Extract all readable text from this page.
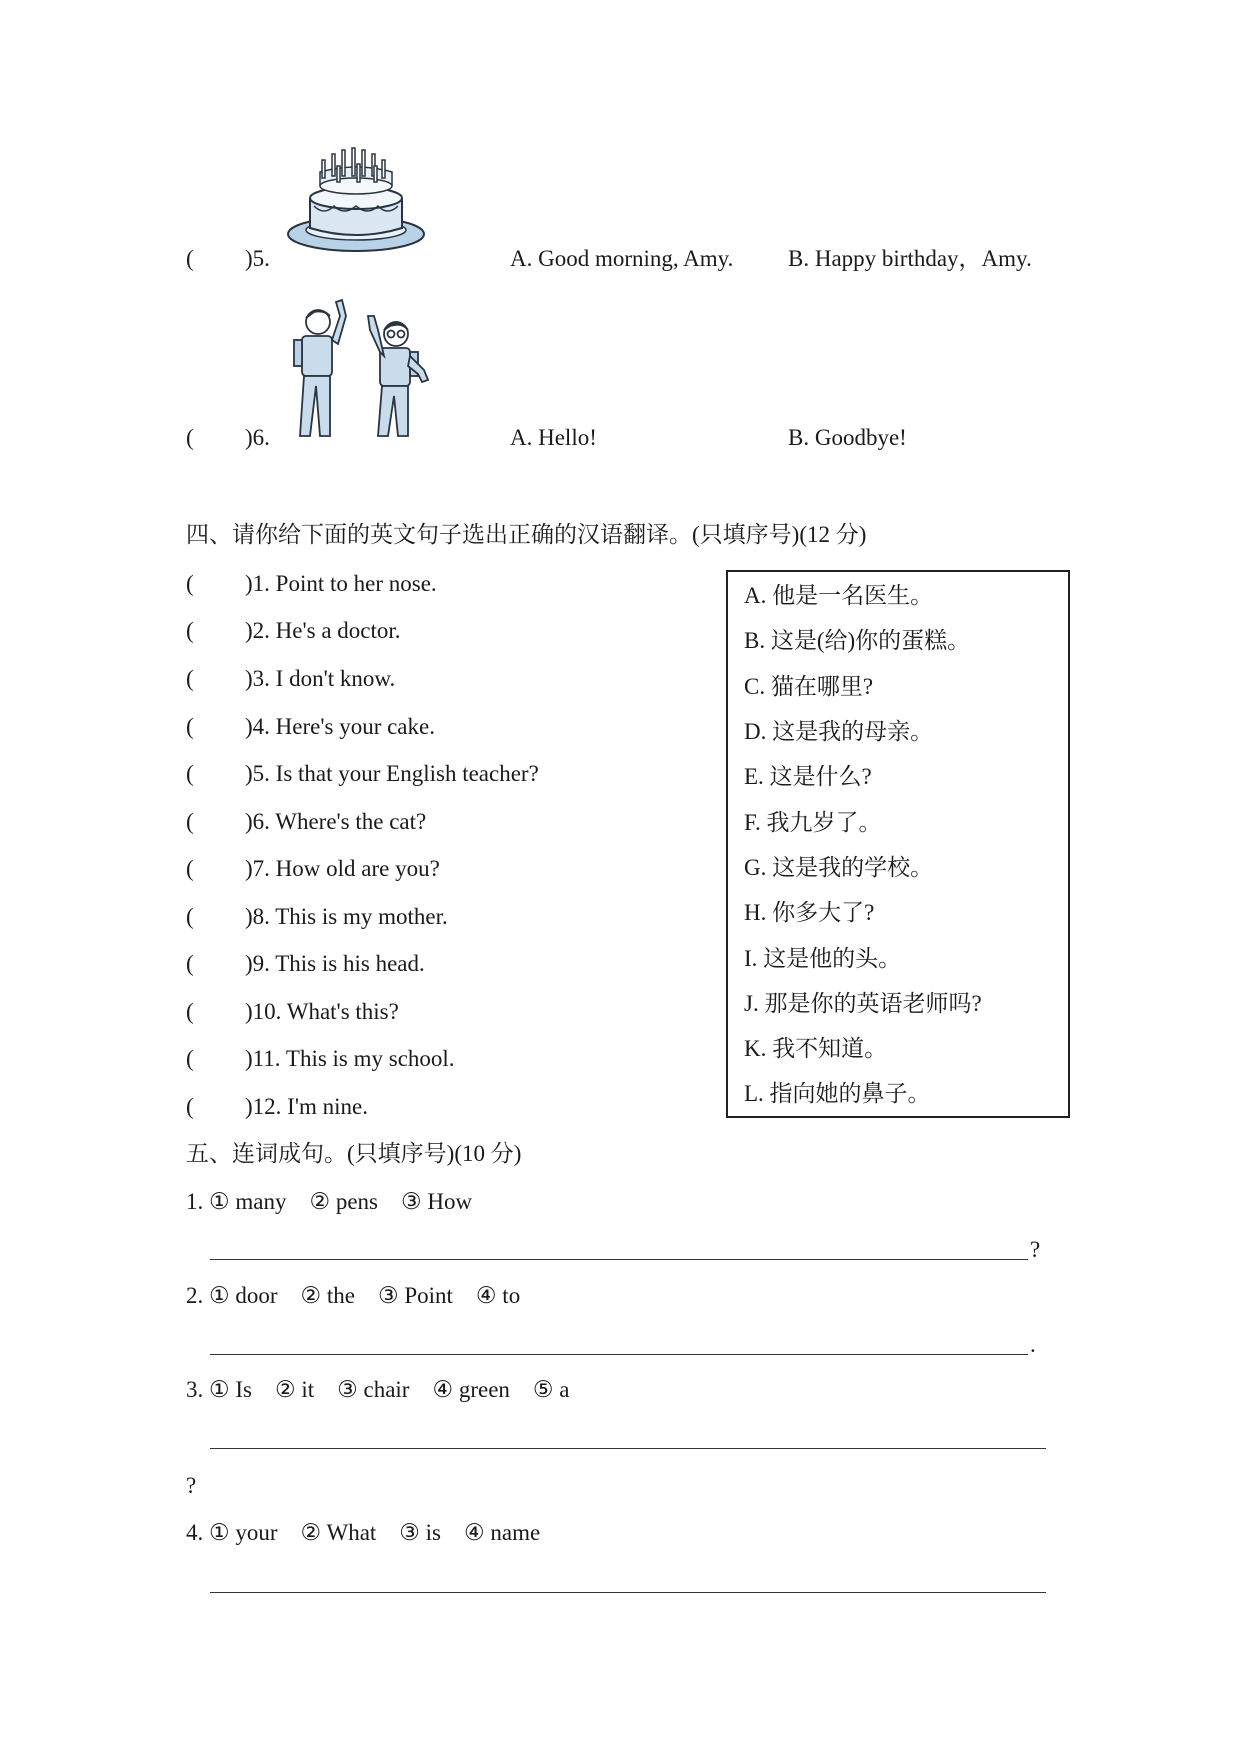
( )5.	A. Good morning, Amy. B. Happy birthday，Amy.
( )6.	A. Hello!	B. Goodbye!
四、请你给下面的英文句子选出正确的汉语翻译。(只填序号)(12 分)
( )1. Point to her nose.
( )2. He's a doctor.
( )3. I don't know.
( )4. Here's your cake.
( )5. Is that your English teacher?
( )6. Where's the cat?
( )7. How old are you?
( )8. This is my mother.
( )9. This is his head.
( )10. What's this?
( )11. This is my school.
( )12. I'm nine.
A. 他是一名医生。
B. 这是(给)你的蛋糕。
C. 猫在哪里?
D. 这是我的母亲。
E. 这是什么?
F. 我九岁了。
G. 这是我的学校。
H. 你多大了?
I. 这是他的头。
J. 那是你的英语老师吗?
K. 我不知道。
L. 指向她的鼻子。
五、连词成句。(只填序号)(10 分)
1. ① many　② pens　③ How
?
2. ① door　② the　③ Point　④ to
.
3. ① Is　② it　③ chair　④ green　⑤ a
?
4. ① your　② What　③ is　④ name
